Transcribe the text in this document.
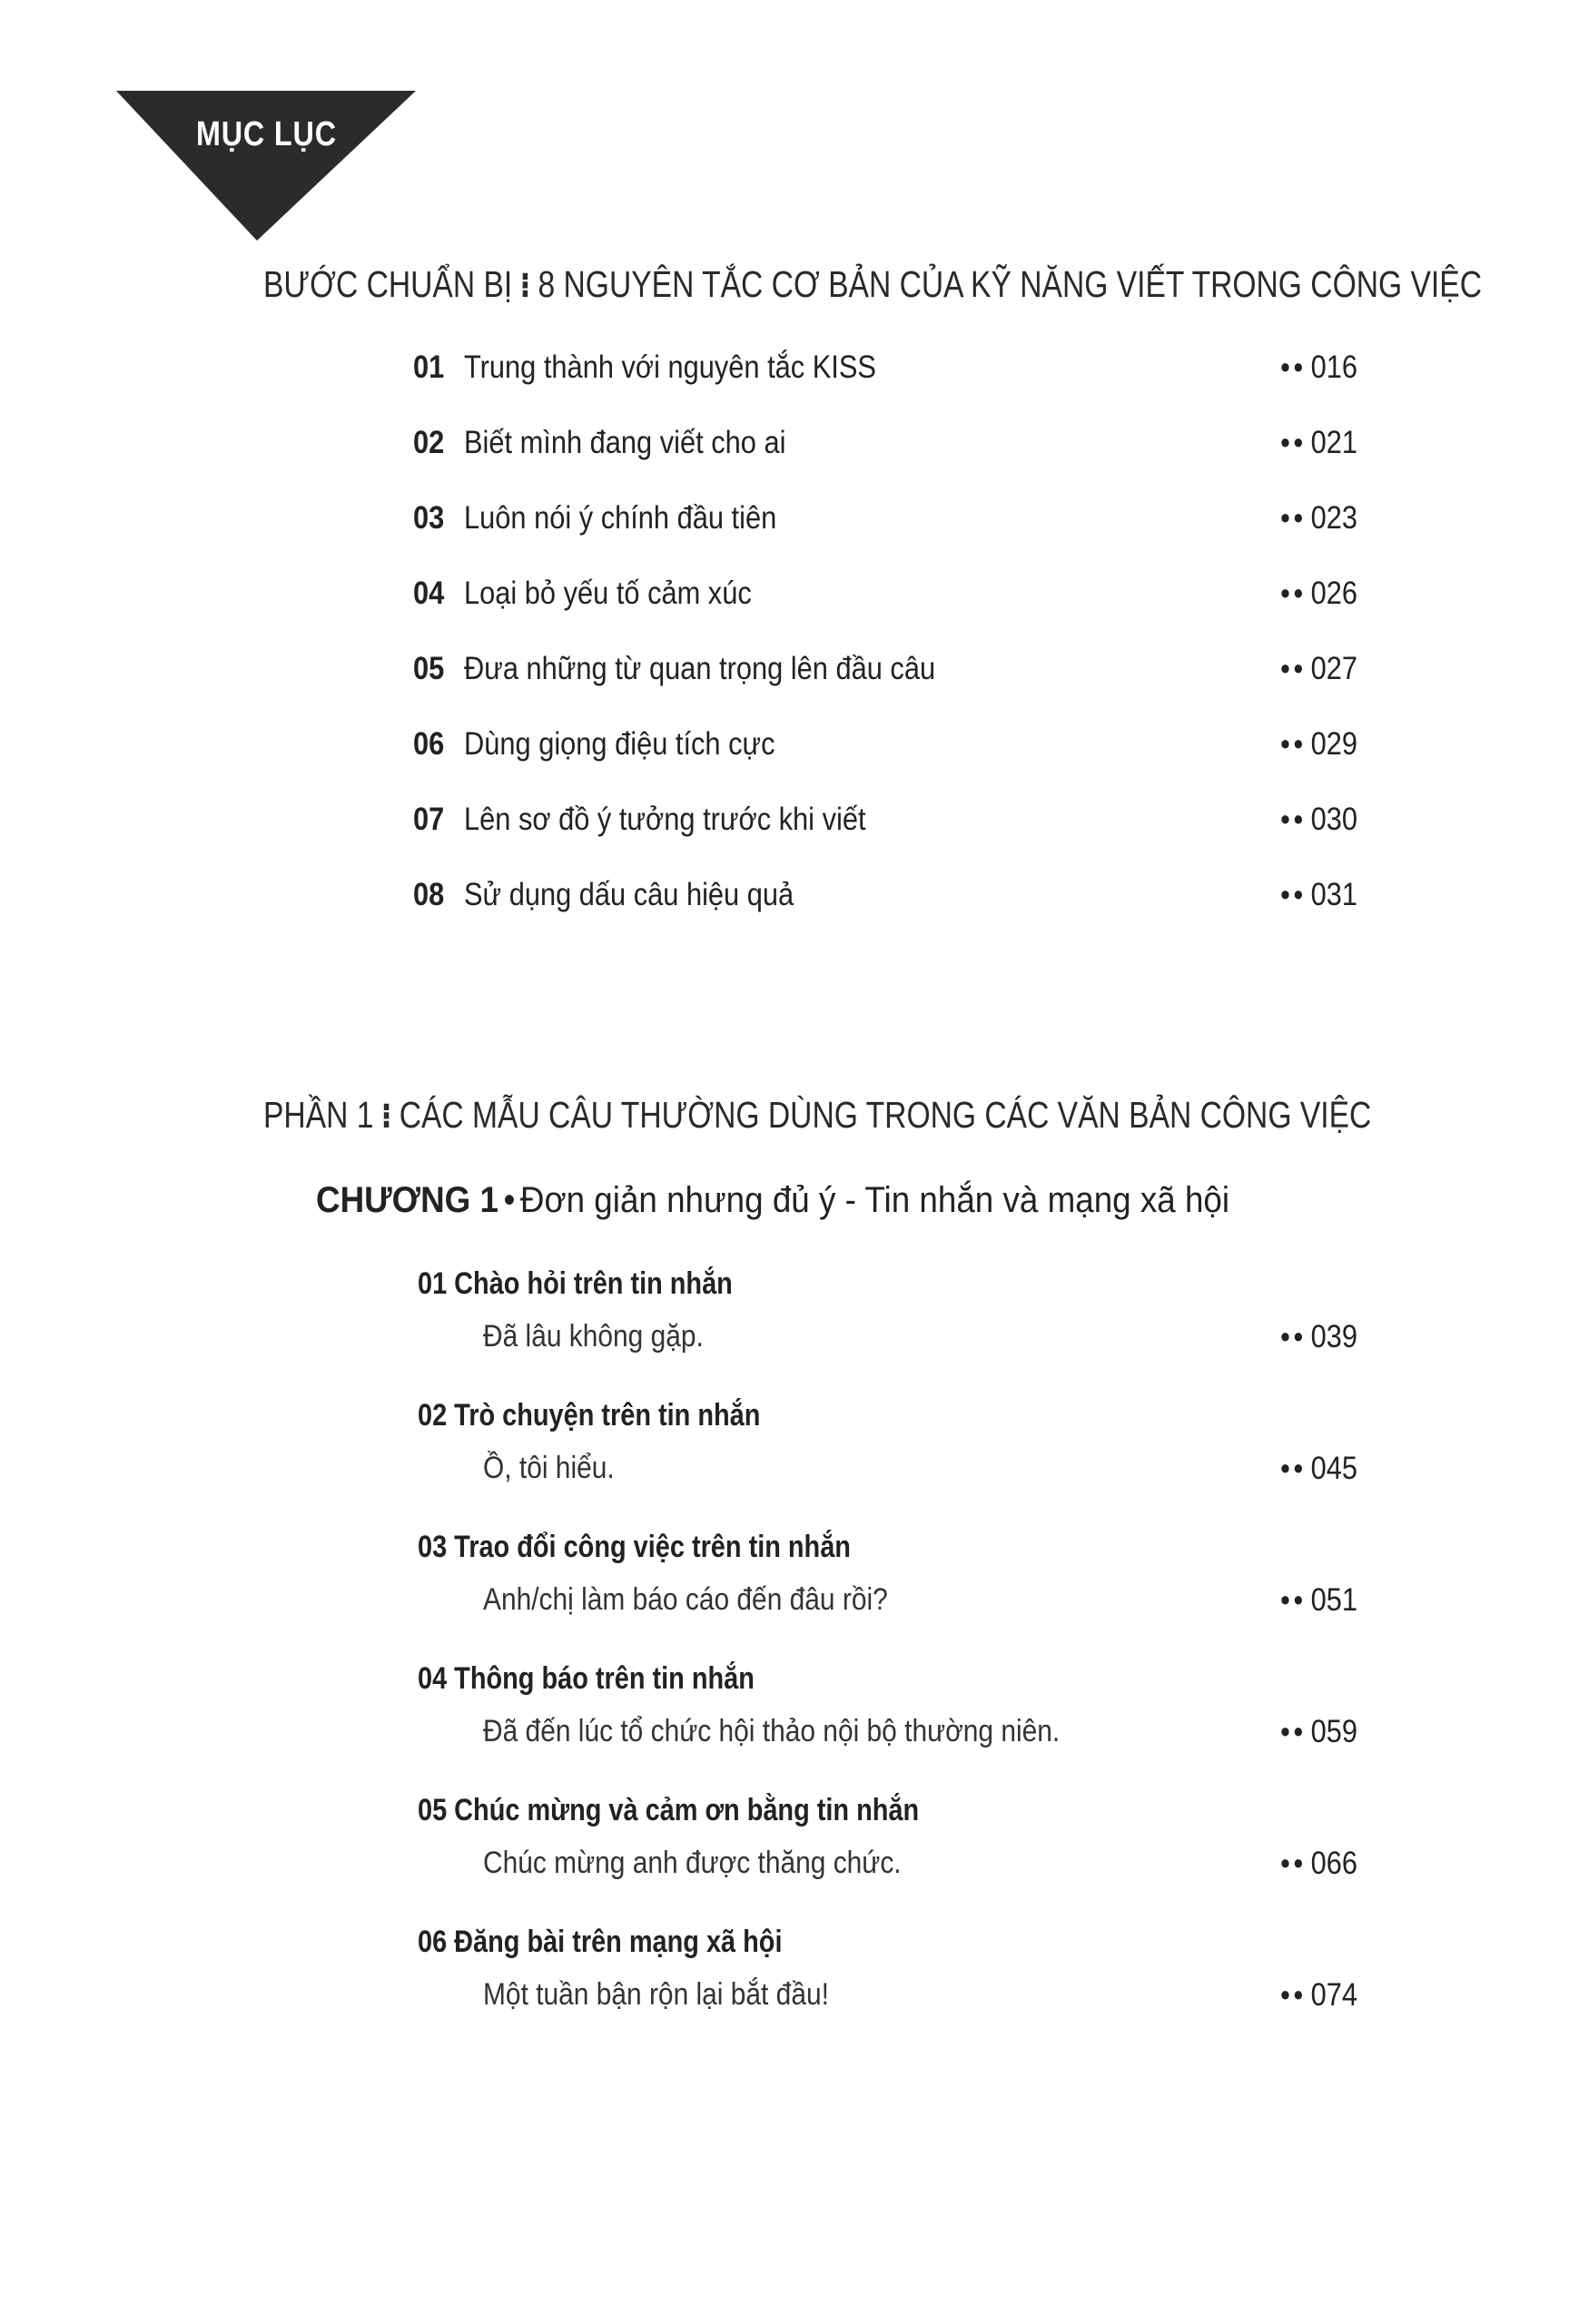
MỤC LỤC
BƯỚC CHUẨN BỊ ⁝ 8 NGUYÊN TẮC CƠ BẢN CỦA KỸ NĂNG VIẾT TRONG CÔNG VIỆC
01 Trung thành với nguyên tắc KISS	●● 016
02 Biết mình đang viết cho ai	●● 021
03 Luôn nói ý chính đầu tiên	●● 023
04 Loại bỏ yếu tố cảm xúc	●● 026
05 Đưa những từ quan trọng lên đầu câu	●● 027
06 Dùng giọng điệu tích cực	●● 029
07 Lên sơ đồ ý tưởng trước khi viết	●● 030
08 Sử dụng dấu câu hiệu quả	●● 031
PHẦN 1 ⁝ CÁC MẪU CÂU THƯỜNG DÙNG TRONG CÁC VĂN BẢN CÔNG VIỆC
CHƯƠNG 1 • Đơn giản nhưng đủ ý - Tin nhắn và mạng xã hội
01 Chào hỏi trên tin nhắn
Đã lâu không gặp.	●● 039
02 Trò chuyện trên tin nhắn
Ồ, tôi hiểu.	●● 045
03 Trao đổi công việc trên tin nhắn
Anh/chị làm báo cáo đến đâu rồi?	●● 051
04 Thông báo trên tin nhắn
Đã đến lúc tổ chức hội thảo nội bộ thường niên.	●● 059
05 Chúc mừng và cảm ơn bằng tin nhắn
Chúc mừng anh được thăng chức.	●● 066
06 Đăng bài trên mạng xã hội
Một tuần bận rộn lại bắt đầu!	●● 074
